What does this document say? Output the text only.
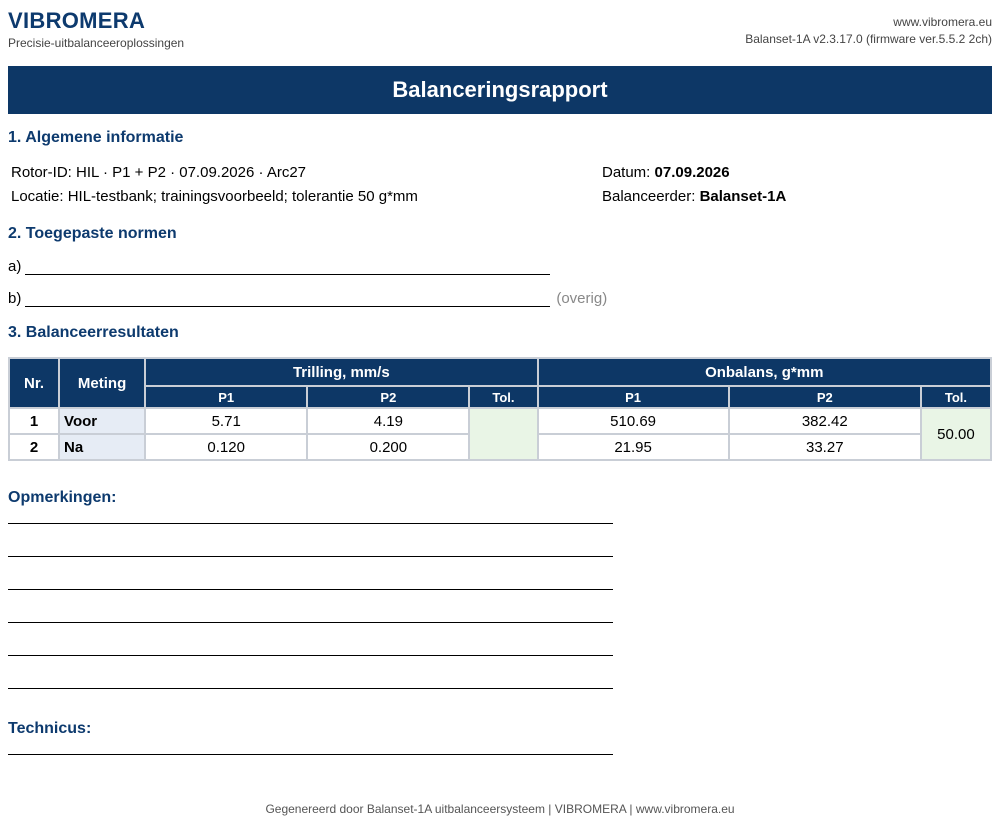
VIBROMERA
Precisie-uitbalanceeroplossingen
www.vibromera.eu
Balanset-1A v2.3.17.0 (firmware ver.5.5.2 2ch)
Balanceringsrapport
1. Algemene informatie
Rotor-ID: HIL · P1 + P2 · 07.09.2026 · Arc27
Locatie: HIL-testbank; trainingsvoorbeeld; tolerantie 50 g*mm
Datum: 07.09.2026
Balanceerder: Balanset-1A
2. Toegepaste normen
a)
b)	(overig)
3. Balanceerresultaten
Nr.	Meting	Trilling, mm/s			Onbalans, g*mm		
		P1	P2	Tol.	P1	P2	Tol.
1	Voor	5.71	4.19		510.69	382.42	50.00
2	Na	0.120	0.200		21.95	33.27	
Opmerkingen:
Technicus:
Gegenereerd door Balanset-1A uitbalanceersysteem | VIBROMERA | www.vibromera.eu
